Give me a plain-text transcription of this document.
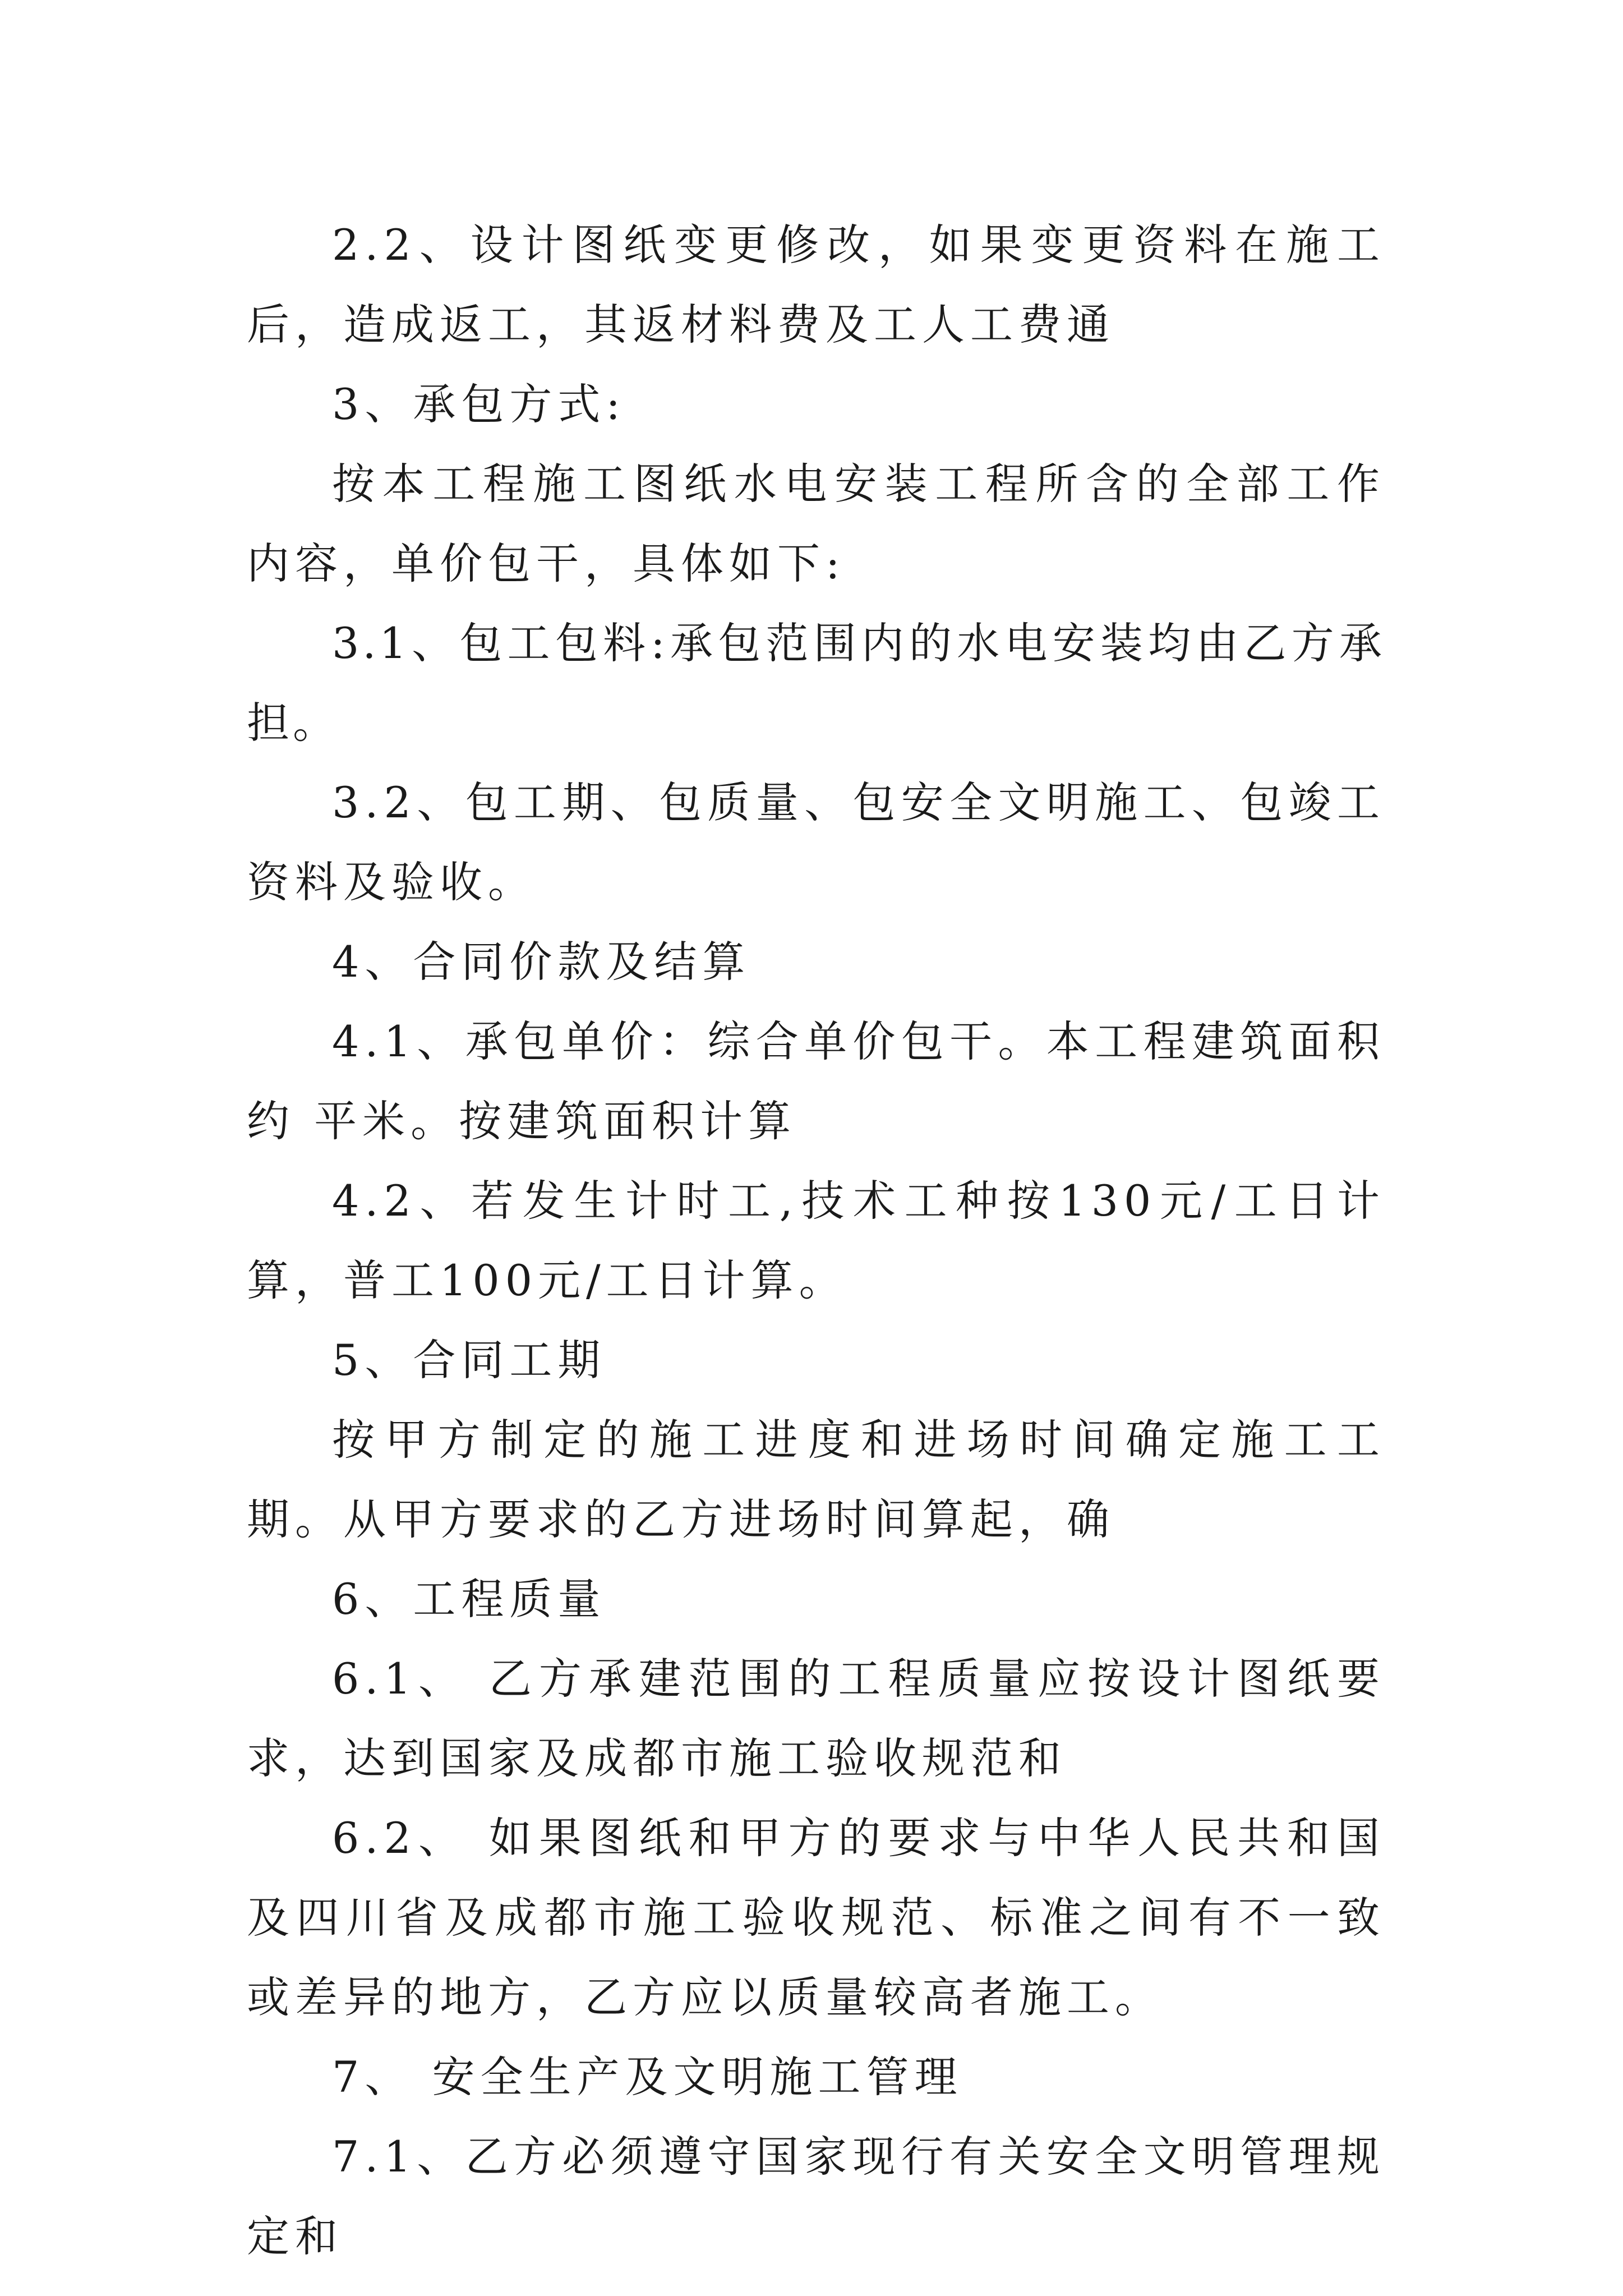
2.2、设计图纸变更修改，如果变更资料在施工后，造成返工，其返材料费及工人工费通

3、承包方式:

按本工程施工图纸水电安装工程所含的全部工作内容，单价包干，具体如下:

3.1、包工包料:承包范围内的水电安装均由乙方承担。

3.2、包工期、包质量、包安全文明施工、包竣工资料及验收。

4、合同价款及结算

4.1、承包单价：综合单价包干。本工程建筑面积约 平米。按建筑面积计算

4.2、若发生计时工,技术工种按130元/工日计算，普工100元/工日计算。

5、合同工期

按甲方制定的施工进度和进场时间确定施工工期。从甲方要求的乙方进场时间算起，确

6、工程质量

6.1、 乙方承建范围的工程质量应按设计图纸要求，达到国家及成都市施工验收规范和

6.2、 如果图纸和甲方的要求与中华人民共和国及四川省及成都市施工验收规范、标准之间有不一致或差异的地方，乙方应以质量较高者施工。

7、 安全生产及文明施工管理

7.1、乙方必须遵守国家现行有关安全文明管理规定和
